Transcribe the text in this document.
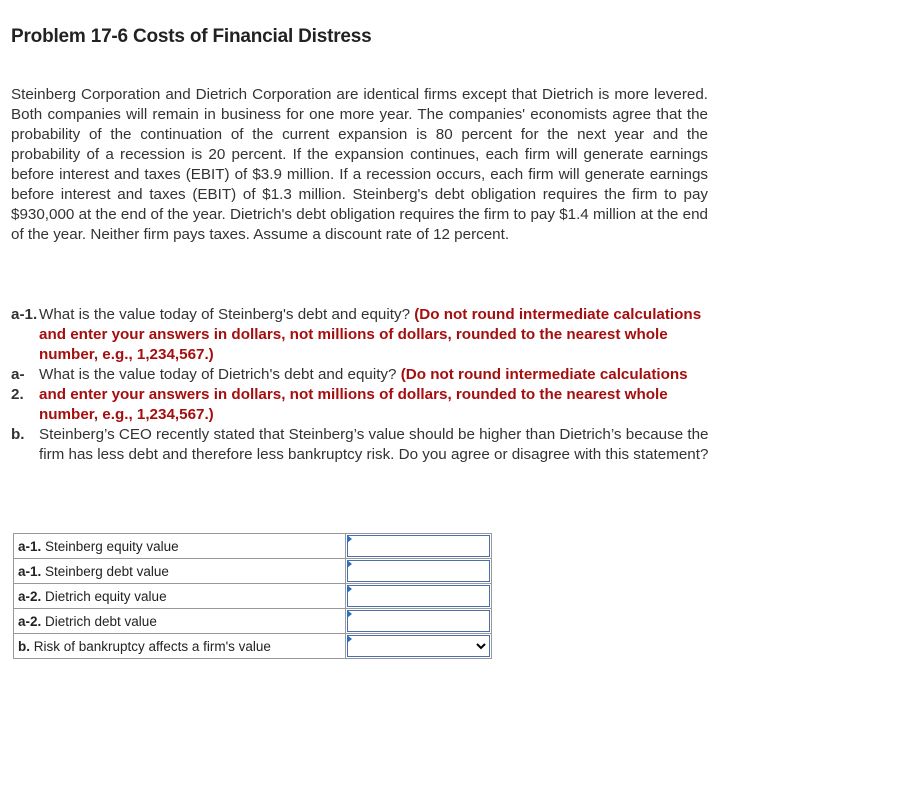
Problem 17-6 Costs of Financial Distress

Steinberg Corporation and Dietrich Corporation are identical firms except that Dietrich is more levered. Both companies will remain in business for one more year. The companies' economists agree that the probability of the continuation of the current expansion is 80 percent for the next year and the probability of a recession is 20 percent. If the expansion continues, each firm will generate earnings before interest and taxes (EBIT) of $3.9 million. If a recession occurs, each firm will generate earnings before interest and taxes (EBIT) of $1.3 million. Steinberg's debt obligation requires the firm to pay $930,000 at the end of the year. Dietrich's debt obligation requires the firm to pay $1.4 million at the end of the year. Neither firm pays taxes. Assume a discount rate of 12 percent.

a-1. What is the value today of Steinberg's debt and equity? (Do not round intermediate calculations and enter your answers in dollars, not millions of dollars, rounded to the nearest whole number, e.g., 1,234,567.)
a-
2.
What is the value today of Dietrich's debt and equity? (Do not round intermediate calculations and enter your answers in dollars, not millions of dollars, rounded to the nearest whole number, e.g., 1,234,567.)
b. Steinberg’s CEO recently stated that Steinberg’s value should be higher than Dietrich’s because the firm has less debt and therefore less bankruptcy risk. Do you agree or disagree with this statement?
a-1. Steinberg equity value	

a-1. Steinberg debt value	

a-2. Dietrich equity value	

a-2. Dietrich debt value	

b. Risk of bankruptcy affects a firm's value	
